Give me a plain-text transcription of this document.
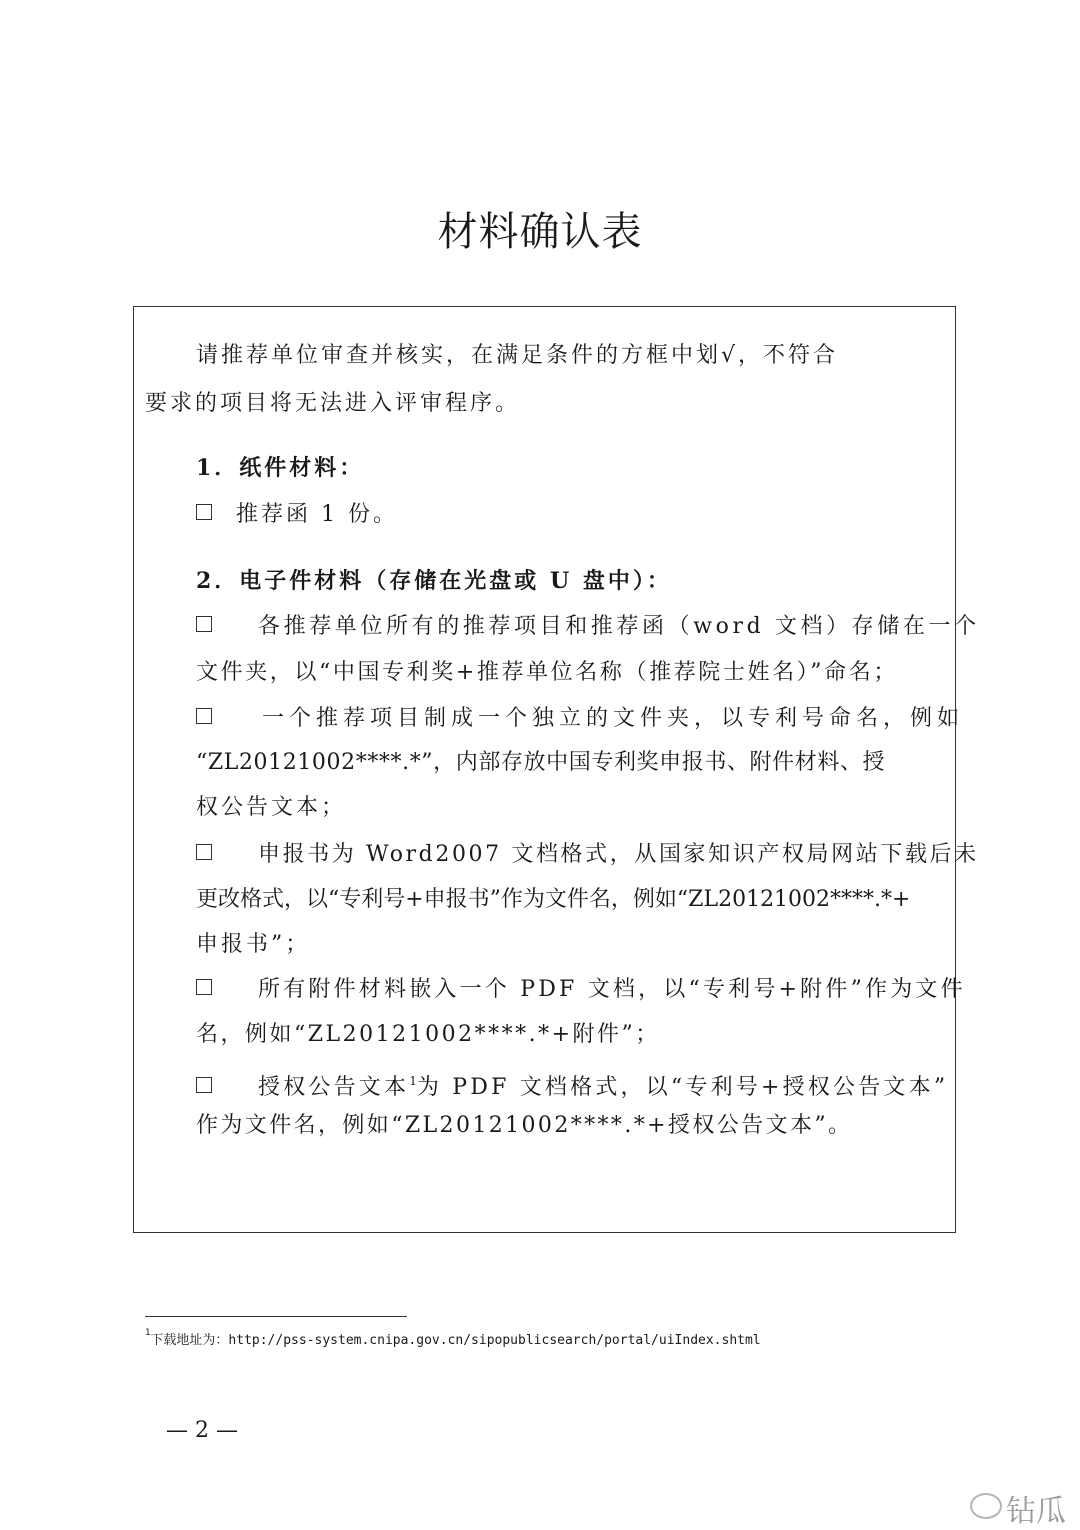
材料确认表
请推荐单位审查并核实，在满足条件的方框中划√，不符合
要求的项目将无法进入评审程序。
1．纸件材料：
推荐函 1 份。
2．电子件材料（存储在光盘或 U 盘中）：
各推荐单位所有的推荐项目和推荐函（word 文档）存储在一个
文件夹，以“中国专利奖+推荐单位名称（推荐院士姓名）”命名；
一个推荐项目制成一个独立的文件夹，以专利号命名，例如
“ZL20121002****.*”，内部存放中国专利奖申报书、附件材料、授
权公告文本；
申报书为 Word2007 文档格式，从国家知识产权局网站下载后未
更改格式，以“专利号+申报书”作为文件名，例如“ZL20121002****.*+
申报书”；
所有附件材料嵌入一个 PDF 文档，以“专利号+附件”作为文件
名，例如“ZL20121002****.*+附件”；
授权公告文本$^1$为 PDF 文档格式，以“专利号+授权公告文本”
作为文件名，例如“ZL20121002****.*+授权公告文本”。
$^1$下载地址为：http://pss-system.cnipa.gov.cn/sipopublicsearch/portal/uiIndex.shtml
— 2 —
钻瓜
